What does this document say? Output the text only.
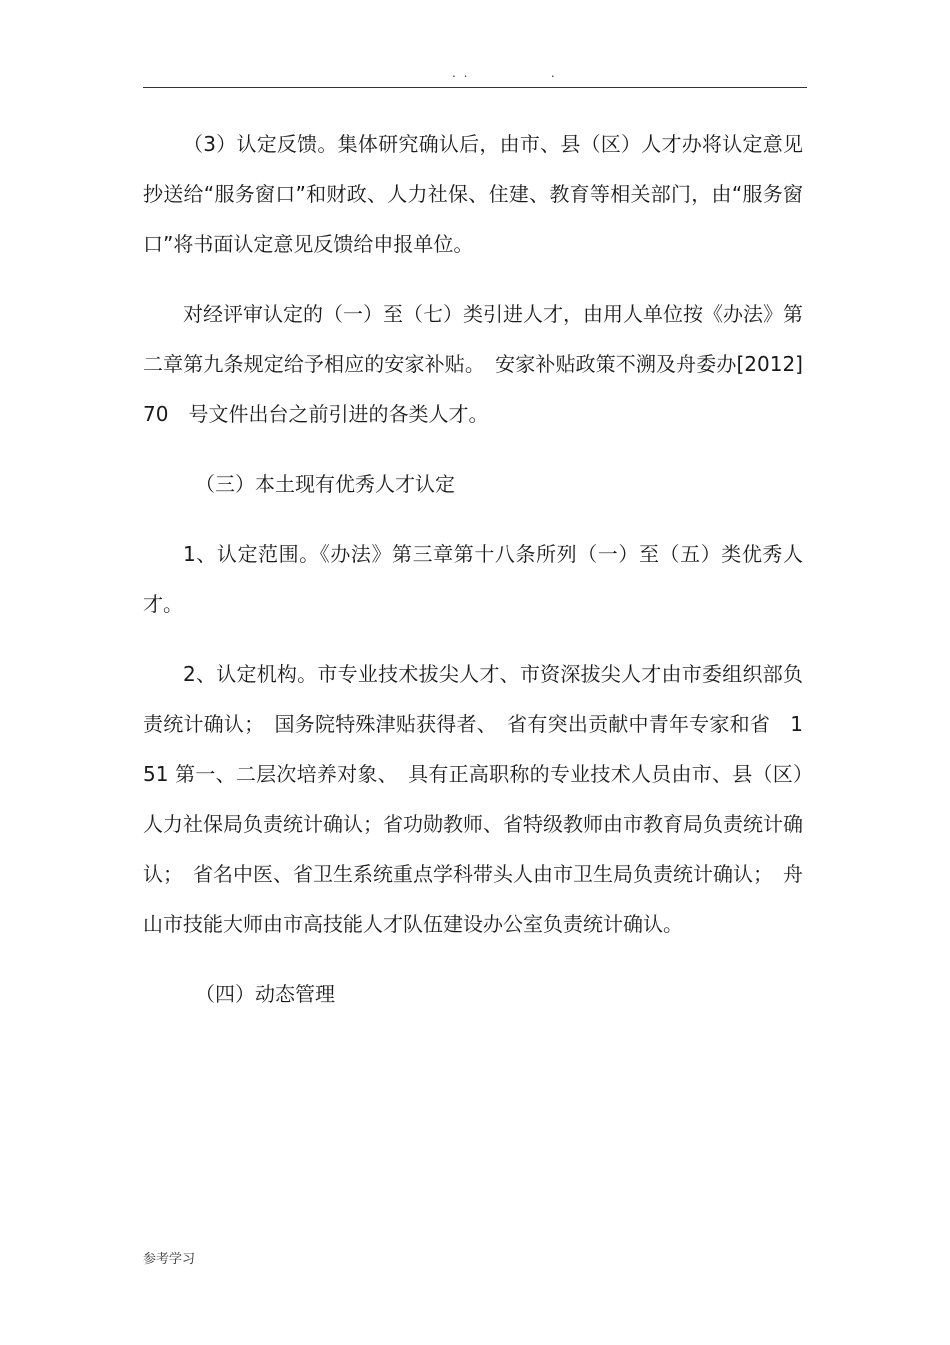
. .              .

（3）认定反馈。集体研究确认后，由市、县（区）人才办将认定意见抄送给“服务窗口”和财政、人力社保、住建、教育等相关部门，由“服务窗口”将书面认定意见反馈给申报单位。

对经评审认定的（一）至（七）类引进人才，由用人单位按《办法》第二章第九条规定给予相应的安家补贴。　安家补贴政策不溯及舟委办[2012]70　号文件出台之前引进的各类人才。

（三）本土现有优秀人才认定

1、认定范围。《办法》第三章第十八条所列（一）至（五）类优秀人才。

2、认定机构。市专业技术拔尖人才、市资深拔尖人才由市委组织部负责统计确认；　国务院特殊津贴获得者、　省有突出贡献中青年专家和省　151 第一、二层次培养对象、　具有正高职称的专业技术人员由市、县（区）人力社保局负责统计确认；省功勋教师、省特级教师由市教育局负责统计确认；　省名中医、省卫生系统重点学科带头人由市卫生局负责统计确认；　舟山市技能大师由市高技能人才队伍建设办公室负责统计确认。

（四）动态管理

参考学习
